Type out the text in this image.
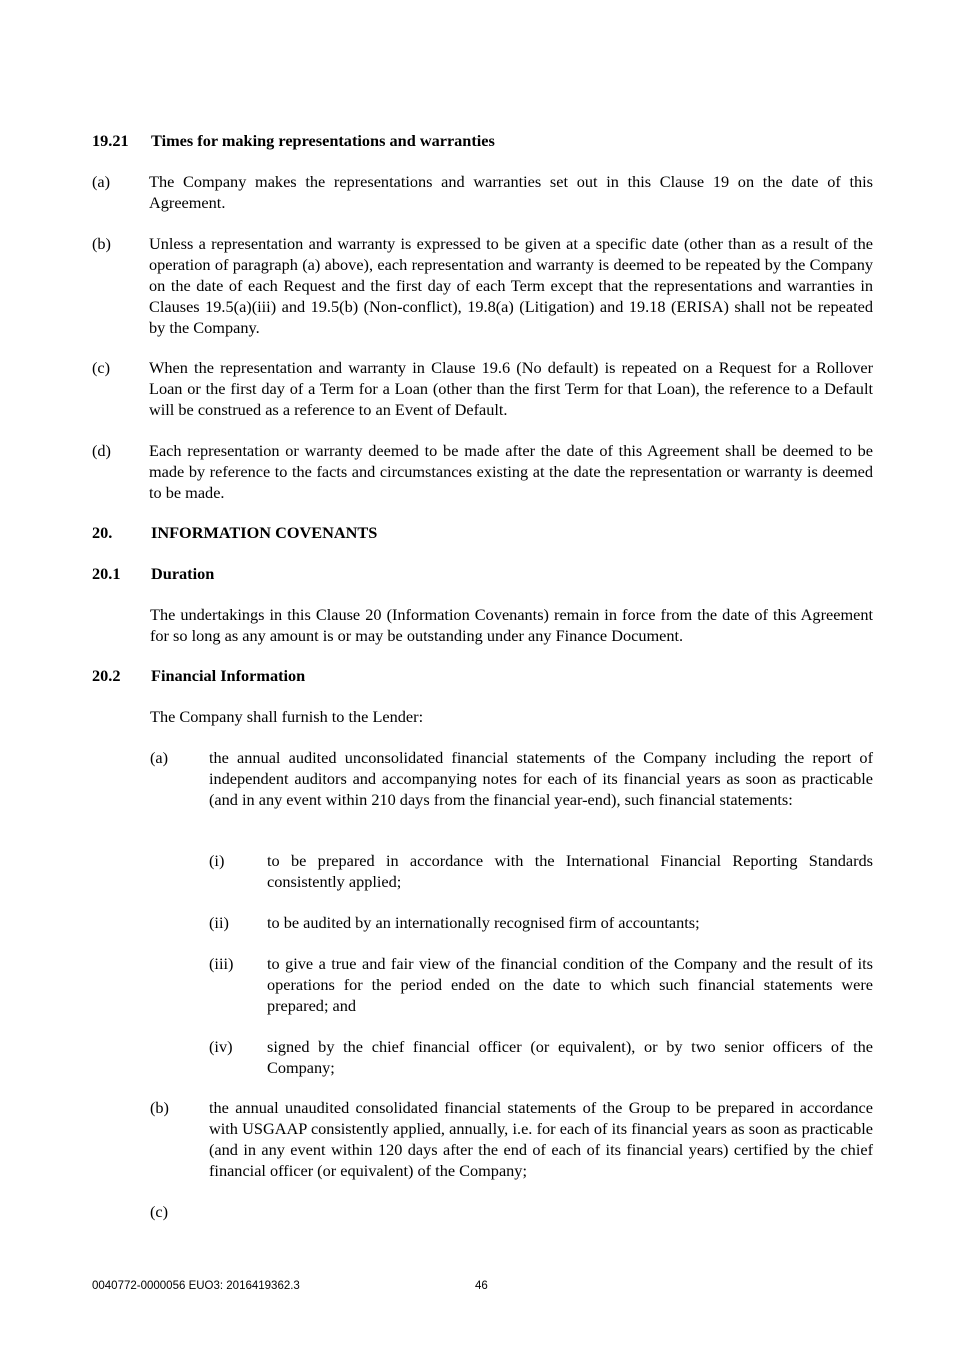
19.21 Times for making representations and warranties
(a) The Company makes the representations and warranties set out in this Clause 19 on the date of this Agreement.
(b) Unless a representation and warranty is expressed to be given at a specific date (other than as a result of the operation of paragraph (a) above), each representation and warranty is deemed to be repeated by the Company on the date of each Request and the first day of each Term except that the representations and warranties in Clauses 19.5(a)(iii) and 19.5(b) (Non-conflict), 19.8(a) (Litigation) and 19.18 (ERISA) shall not be repeated by the Company.
(c) When the representation and warranty in Clause 19.6 (No default) is repeated on a Request for a Rollover Loan or the first day of a Term for a Loan (other than the first Term for that Loan), the reference to a Default will be construed as a reference to an Event of Default.
(d) Each representation or warranty deemed to be made after the date of this Agreement shall be deemed to be made by reference to the facts and circumstances existing at the date the representation or warranty is deemed to be made.
20. INFORMATION COVENANTS
20.1 Duration
The undertakings in this Clause 20 (Information Covenants) remain in force from the date of this Agreement for so long as any amount is or may be outstanding under any Finance Document.
20.2 Financial Information
The Company shall furnish to the Lender:
(a)	the annual audited unconsolidated financial statements of the Company including the report of independent auditors and accompanying notes for each of its financial years as soon as practicable (and in any event within 210 days from the financial year-end), such financial statements:
(i)	to be prepared in accordance with the International Financial Reporting Standards consistently applied;
(ii) to be audited by an internationally recognised firm of accountants;
(iii) to give a true and fair view of the financial condition of the Company and the result of its operations for the period ended on the date to which such financial statements were prepared; and
(iv) signed by the chief financial officer (or equivalent), or by two senior officers of the Company;
(b) the annual unaudited consolidated financial statements of the Group to be prepared in accordance with USGAAP consistently applied, annually, i.e. for each of its financial years as soon as practicable (and in any event within 120 days after the end of each of its financial years) certified by the chief financial officer (or equivalent) of the Company;
(c)
0040772-0000056 EUO3: 2016419362.3	46
